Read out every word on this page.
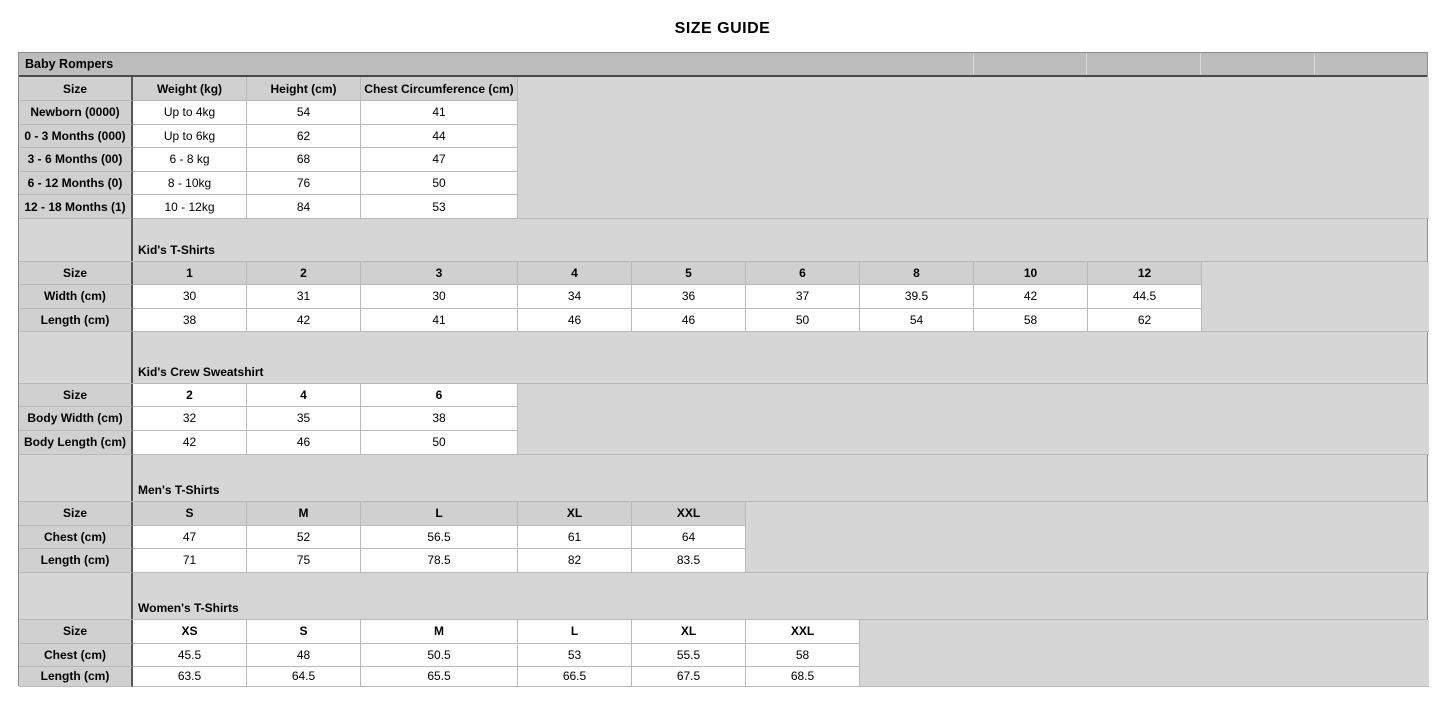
SIZE GUIDE
Baby Rompers
Size	Weight (kg)	Height (cm)	Chest Circumference (cm)
Newborn (0000)	Up to 4kg	54	41
0 - 3 Months (000)	Up to 6kg	62	44
3 - 6 Months (00)	6 - 8 kg	68	47
6 - 12 Months (0)	8 - 10kg	76	50
12 - 18 Months (1)	10 - 12kg	84	53
Kid's T-Shirts
Size	1	2	3	4	5	6	8	10	12
Width (cm)	30	31	30	34	36	37	39.5	42	44.5
Length (cm)	38	42	41	46	46	50	54	58	62
Kid's Crew Sweatshirt
Size	2	4	6
Body Width (cm)	32	35	38
Body Length (cm)	42	46	50
Men's T-Shirts
Size	S	M	L	XL	XXL
Chest (cm)	47	52	56.5	61	64
Length (cm)	71	75	78.5	82	83.5
Women's T-Shirts
Size	XS	S	M	L	XL	XXL
Chest (cm)	45.5	48	50.5	53	55.5	58
Length (cm)	63.5	64.5	65.5	66.5	67.5	68.5
